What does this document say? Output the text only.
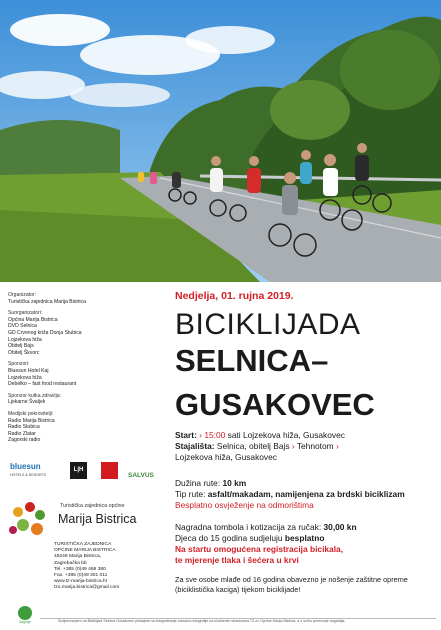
Organizator:
Turistička zajednica Marija Bistrica
Suorganizatori:
Općina Marija Bistrica
DVD Selnica
GD Crvenog križa Donja Stubica
Lojzekova hiža
Obitelj Bajs
Obitelj Škvorc
Sponzori:
Bluesun Hotel Kaj
Lojzekova hiža
Debelko – fast food restaurant
Sponzor kutka zdravlja:
Ljekarne Švaljek
Medijski pokrovitelji:
Radio Marija Bistrica
Radio Stubica
Radio Zlatar
Zagorski radio
bluesun
HOTELS & RESORTS
L|H
SALVUS
Turistička zajednica općine
Marija Bistrica
TURISTIČKA ZAJEDNICA
OPĆINE MARIJA BISTRICA
49246 Marija Bistrica,
Zagrebačka bb
Tel. +385 (0)49 468 380
Fax. +385 (0)49 301 011
www.tz-marija-bistrica.hr
tzo.marija.bistrica@gmail.com
Nedjelja, 01. rujna 2019.
BICIKLIJADA
SELNICA–
GUSAKOVEC
Start: › 15:00 sati Lojzekova hiža, Gusakovec
Stajališta: Selnica, obitelj Bajs › Tehnotom ›
Lojzekova hiža, Gusakovec
Dužina rute: 10 km
Tip rute: asfalt/makadam, namijenjena za brdski biciklizam
Besplatno osvježenje na odmorištima
Nagradna tombola i kotizacija za ručak: 30,00 kn
Djeca do 15 godina sudjeluju besplatno
Na startu omogućena registracija bicikala,
te mjerenje tlaka i šećera u krvi
Za sve osobe mlađe od 16 godina obavezno je nošenje zaštitne opreme
(biciklistička kaciga) tijekom biciklijade!
Zagorje	Sudjelovanjem na Biciklijadi Selnica Gusakovec pristajete na fotografiranje odnosno fotografije na službenim stranicama TZ-a i Općine Marija Bistrica, a u svrhu promocije događaja.
